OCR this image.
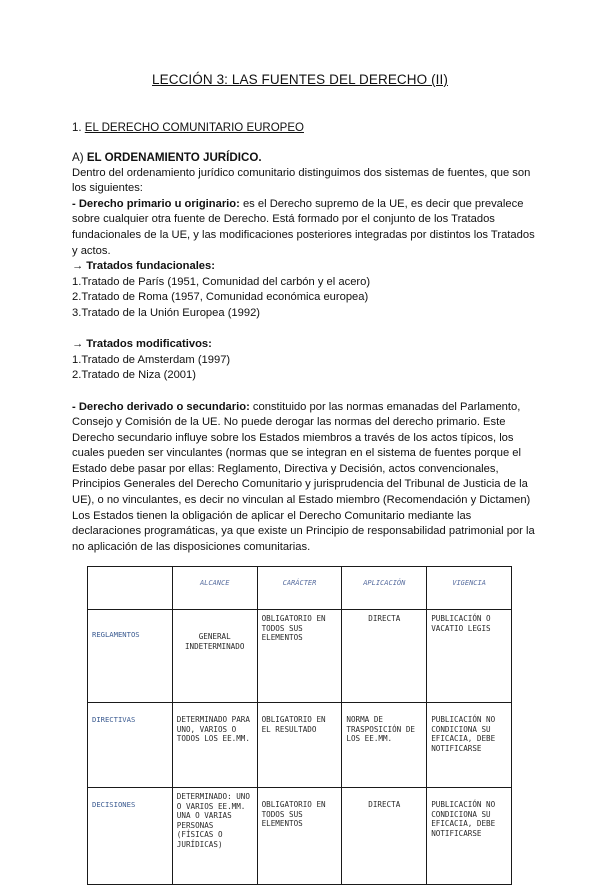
LECCIÓN 3: LAS FUENTES DEL DERECHO (II)
1. EL DERECHO COMUNITARIO EUROPEO

A) EL ORDENAMIENTO JURÍDICO.

Dentro del ordenamiento jurídico comunitario distinguimos dos sistemas de fuentes, que son los siguientes:

- Derecho primario u originario: es el Derecho supremo de la UE, es decir que prevalece sobre cualquier otra fuente de Derecho. Está formado por el conjunto de los Tratados fundacionales de la UE, y las modificaciones posteriores integradas por distintos los Tratados y actos.

→ Tratados fundacionales:

1.Tratado de París (1951, Comunidad del carbón y el acero)

2.Tratado de Roma (1957, Comunidad económica europea)

3.Tratado de la Unión Europea (1992)

→ Tratados modificativos:

1.Tratado de Amsterdam (1997)

2.Tratado de Niza (2001)

- Derecho derivado o secundario: constituido por las normas emanadas del Parlamento, Consejo y Comisión de la UE. No puede derogar las normas del derecho primario. Este Derecho secundario influye sobre los Estados miembros a través de los actos típicos, los cuales pueden ser vinculantes (normas que se integran en el sistema de fuentes porque el Estado debe pasar por ellas: Reglamento, Directiva y Decisión, actos convencionales, Principios Generales del Derecho Comunitario y jurisprudencia del Tribunal de Justicia de la UE), o no vinculantes, es decir no vinculan al Estado miembro (Recomendación y Dictamen) Los Estados tienen la obligación de aplicar el Derecho Comunitario mediante las declaraciones programáticas, ya que existe un Principio de responsabilidad patrimonial por la no aplicación de las disposiciones comunitarias.

	ALCANCE	CARÁCTER	APLICACIÓN	VIGENCIA
REGLAMENTOS	GENERAL INDETERMINADO	OBLIGATORIO EN TODOS SUS ELEMENTOS	DIRECTA	PUBLICACIÓN O VACATIO LEGIS
DIRECTIVAS	DETERMINADO PARA UNO, VARIOS O TODOS LOS EE.MM.	OBLIGATORIO EN EL RESULTADO	NORMA DE TRASPOSICIÓN DE LOS EE.MM.	PUBLICACIÓN NO CONDICIONA SU EFICACIA, DEBE NOTIFICARSE
DECISIONES	DETERMINADO: UNO O VARIOS EE.MM. UNA O VARIAS PERSONAS (FÍSICAS O JURÍDICAS)	OBLIGATORIO EN TODOS SUS ELEMENTOS	DIRECTA	PUBLICACIÓN NO CONDICIONA SU EFICACIA, DEBE NOTIFICARSE
